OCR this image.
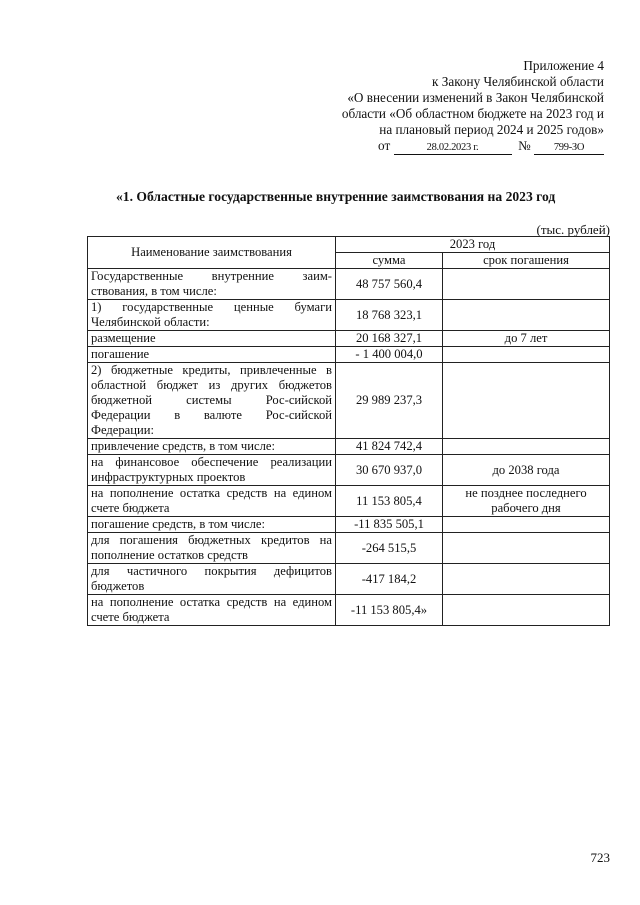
Приложение 4
к Закону Челябинской области
«О внесении изменений в Закон Челябинской
области «Об областном бюджете на 2023 год и
на плановый период 2024 и 2025 годов»
от	28.02.2023 г.	№ 799-ЗО
«1. Областные государственные внутренние заимствования на 2023 год
(тыс. рублей)
Наименование заимствования	2023 год	
	сумма	срок погашения
Государственные внутренние заим-ствования, в том числе:	48 757 560,4	
1) государственные ценные бумаги Челябинской области:	18 768 323,1	
размещение	20 168 327,1	до 7 лет
погашение	- 1 400 004,0	
2) бюджетные кредиты, привлеченные в областной бюджет из других бюджетов бюджетной системы Рос-сийской Федерации в валюте Рос-сийской Федерации:	29 989 237,3	
привлечение средств, в том числе:	41 824 742,4	
на финансовое обеспечение реализации инфраструктурных проектов	30 670 937,0	до 2038 года
на пополнение остатка средств на едином счете бюджета	11 153 805,4	не позднее последнего рабочего дня
погашение средств, в том числе:	-11 835 505,1	
для погашения бюджетных кредитов на пополнение остатков средств	-264 515,5	
для частичного покрытия дефицитов бюджетов	-417 184,2	
на пополнение остатка средств на едином счете бюджета	-11 153 805,4»	
723
